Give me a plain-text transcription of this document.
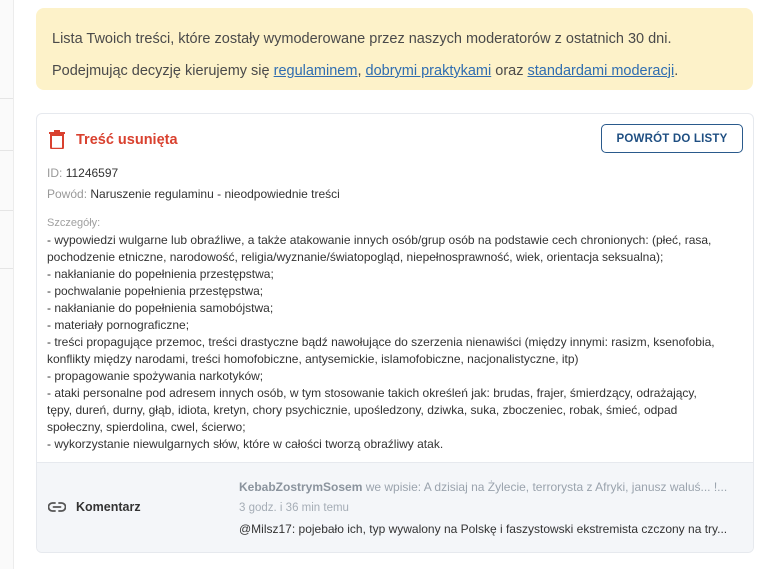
Lista Twoich treści, które zostały wymoderowane przez naszych moderatorów z ostatnich 30 dni.
Podejmując decyzję kierujemy się regulaminem, dobrymi praktykami oraz standardami moderacji.
Treść usunięta	POWRÓT DO LISTY
ID: 11246597
Powód: Naruszenie regulaminu - nieodpowiednie treści
Szczegóły:
- wypowiedzi wulgarne lub obraźliwe, a także atakowanie innych osób/grup osób na podstawie cech chronionych: (płeć, rasa,
pochodzenie etniczne, narodowość, religia/wyznanie/światopogląd, niepełnosprawność, wiek, orientacja seksualna);
- nakłanianie do popełnienia przestępstwa;
- pochwalanie popełnienia przestępstwa;
- nakłanianie do popełnienia samobójstwa;
- materiały pornograficzne;
- treści propagujące przemoc, treści drastyczne bądź nawołujące do szerzenia nienawiści (między innymi: rasizm, ksenofobia,
konflikty między narodami, treści homofobiczne, antysemickie, islamofobiczne, nacjonalistyczne, itp)
- propagowanie spożywania narkotyków;
- ataki personalne pod adresem innych osób, w tym stosowanie takich określeń jak: brudas, frajer, śmierdzący, odrażający,
tępy, dureń, durny, głąb, idiota, kretyn, chory psychicznie, upośledzony, dziwka, suka, zboczeniec, robak, śmieć, odpad
społeczny, spierdolina, cwel, ścierwo;
- wykorzystanie niewulgarnych słów, które w całości tworzą obraźliwy atak.
Komentarz
KebabZostrymSosem we wpisie: A dzisiaj na Żylecie, terrorysta z Afryki, janusz waluś... !...
3 godz. i 36 min temu
@Milsz17: pojebało ich, typ wywalony na Polskę i faszystowski ekstremista czczony na try...
